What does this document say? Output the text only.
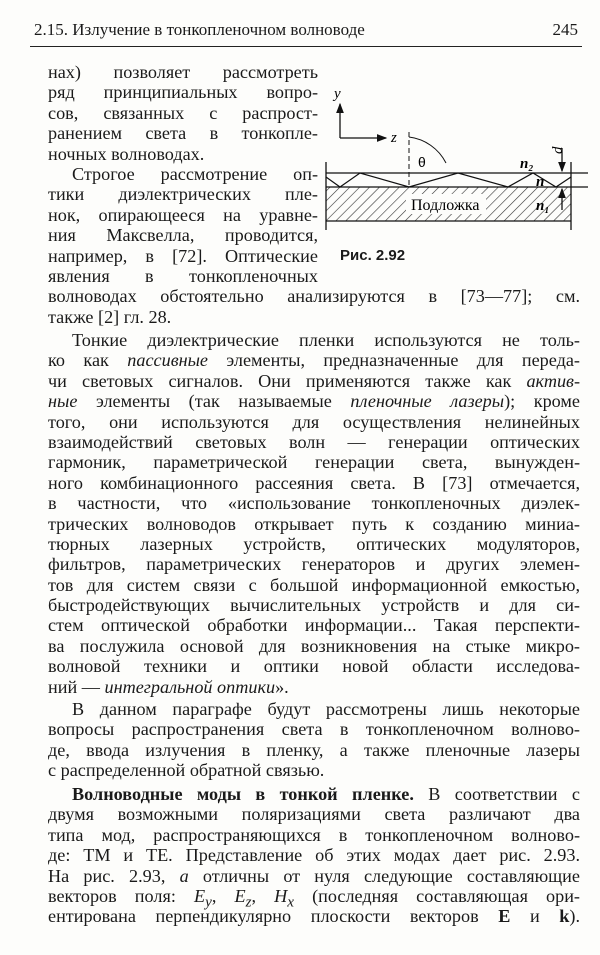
2.15. Излучение в тонкопленочном волноводе	245
y
z
θ
Подложка
d
n₂
n
n₁
Рис. 2.92
нах) позволяет рассмотреть
ряд принципиальных вопро-
сов, связанных с распрост-
ранением света в тонкопле-
ночных волноводах.
Строгое рассмотрение оп-
тики диэлектрических пле-
нок, опирающееся на уравне-
ния Максвелла, проводится,
например, в [72]. Оптические
явления в тонкопленочных
волноводах обстоятельно анализируются в [73—77]; см.
также [2] гл. 28.
Тонкие диэлектрические пленки используются не толь-
ко как пассивные элементы, предназначенные для переда-
чи световых сигналов. Они применяются также как актив-
ные элементы (так называемые пленочные лазеры); кроме
того, они используются для осуществления нелинейных
взаимодействий световых волн — генерации оптических
гармоник, параметрической генерации света, вынужден-
ного комбинационного рассеяния света. В [73] отмечается,
в частности, что «использование тонкопленочных диэлек-
трических волноводов открывает путь к созданию миниа-
тюрных лазерных устройств, оптических модуляторов,
фильтров, параметрических генераторов и других элемен-
тов для систем связи с большой информационной емкостью,
быстродействующих вычислительных устройств и для си-
стем оптической обработки информации... Такая перспекти-
ва послужила основой для возникновения на стыке микро-
волновой техники и оптики новой области исследова-
ний — интегральной оптики».
В данном параграфе будут рассмотрены лишь некоторые
вопросы распространения света в тонкопленочном волново-
де, ввода излучения в пленку, а также пленочные лазеры
с распределенной обратной связью.
Волноводные моды в тонкой пленке. В соответствии с
двумя возможными поляризациями света различают два
типа мод, распространяющихся в тонкопленочном волново-
де: TM и TE. Представление об этих модах дает рис. 2.93.
На рис. 2.93, а отличны от нуля следующие составляющие
векторов поля: $E_y$, $E_z$, $H_x$ (последняя составляющая ори-
ентирована перпендикулярно плоскости векторов E и k).
